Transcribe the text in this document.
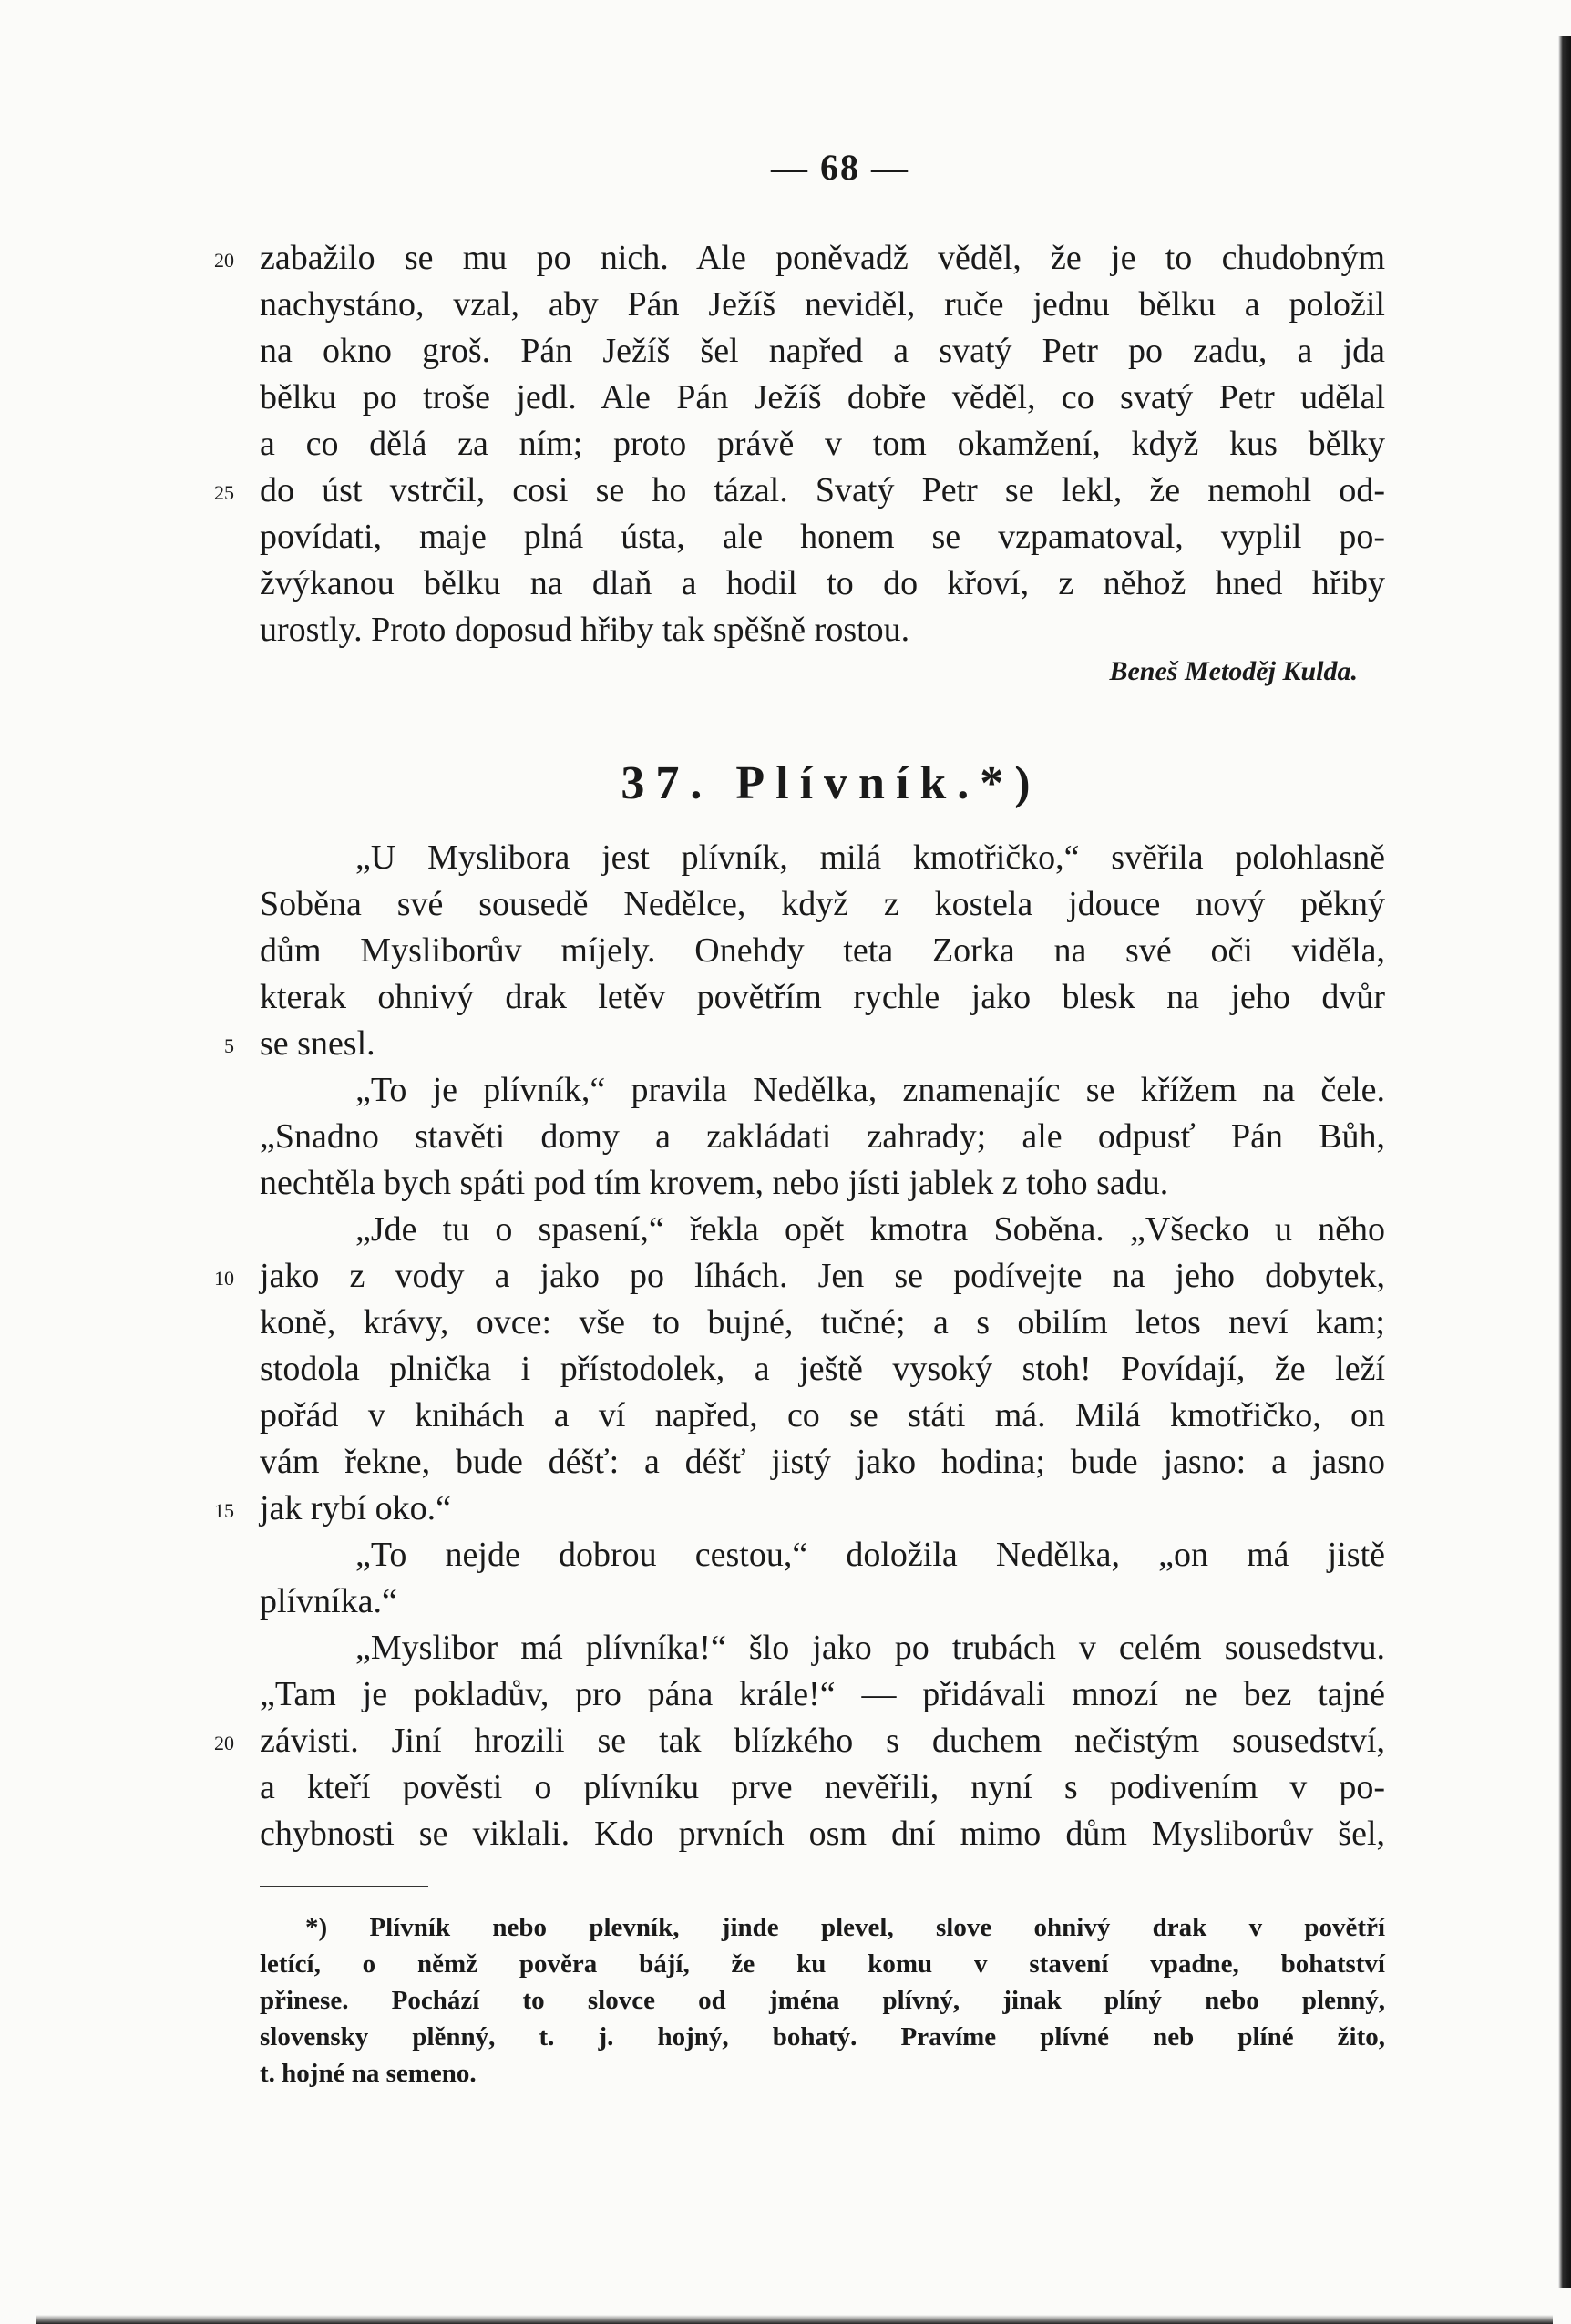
— 68 —
20 zabažilo se mu po nich. Ale poněvadž věděl, že je to chudobným
nachystáno, vzal, aby Pán Ježíš neviděl, ruče jednu bělku a položil
na okno groš. Pán Ježíš šel napřed a svatý Petr po zadu, a jda
bělku po troše jedl. Ale Pán Ježíš dobře věděl, co svatý Petr udělal
a co dělá za ním; proto právě v tom okamžení, když kus bělky
25 do úst vstrčil, cosi se ho tázal. Svatý Petr se lekl, že nemohl od-
povídati, maje plná ústa, ale honem se vzpamatoval, vyplil po-
žvýkanou bělku na dlaň a hodil to do křoví, z něhož hned hřiby
urostly. Proto doposud hřiby tak spěšně rostou.
Beneš Metoděj Kulda.
37. Plívník.*)
„U Myslibora jest plívník, milá kmotřičko,“ svěřila polohlasně
Soběna své sousedě Nedělce, když z kostela jdouce nový pěkný
dům Mysliborův míjely. Onehdy teta Zorka na své oči viděla,
kterak ohnivý drak letěv povětřím rychle jako blesk na jeho dvůr
5 se snesl.
„To je plívník,“ pravila Nedělka, znamenajíc se křížem na čele.
„Snadno stavěti domy a zakládati zahrady; ale odpusť Pán Bůh,
nechtěla bych spáti pod tím krovem, nebo jísti jablek z toho sadu.
„Jde tu o spasení,“ řekla opět kmotra Soběna. „Všecko u něho
10 jako z vody a jako po líhách. Jen se podívejte na jeho dobytek,
koně, krávy, ovce: vše to bujné, tučné; a s obilím letos neví kam;
stodola plnička i přístodolek, a ještě vysoký stoh! Povídají, že leží
pořád v knihách a ví napřed, co se státi má. Milá kmotřičko, on
vám řekne, bude déšť: a déšť jistý jako hodina; bude jasno: a jasno
15 jak rybí oko.“
„To nejde dobrou cestou,“ doložila Nedělka, „on má jistě
plívníka.“
„Myslibor má plívníka!“ šlo jako po trubách v celém sousedstvu.
„Tam je pokladův, pro pána krále!“ — přidávali mnozí ne bez tajné
20 závisti. Jiní hrozili se tak blízkého s duchem nečistým sousedství,
a kteří pověsti o plívníku prve nevěřili, nyní s podivením v po-
chybnosti se viklali. Kdo prvních osm dní mimo dům Mysliborův šel,
*) Plívník nebo plevník, jinde plevel, slove ohnivý drak v povětří
letící, o němž pověra bájí, že ku komu v stavení vpadne, bohatství
přinese. Pochází to slovce od jména plívný, jinak plíný nebo plenný,
slovensky plěnný, t. j. hojný, bohatý. Pravíme plívné neb plíné žito,
t. hojné na semeno.
